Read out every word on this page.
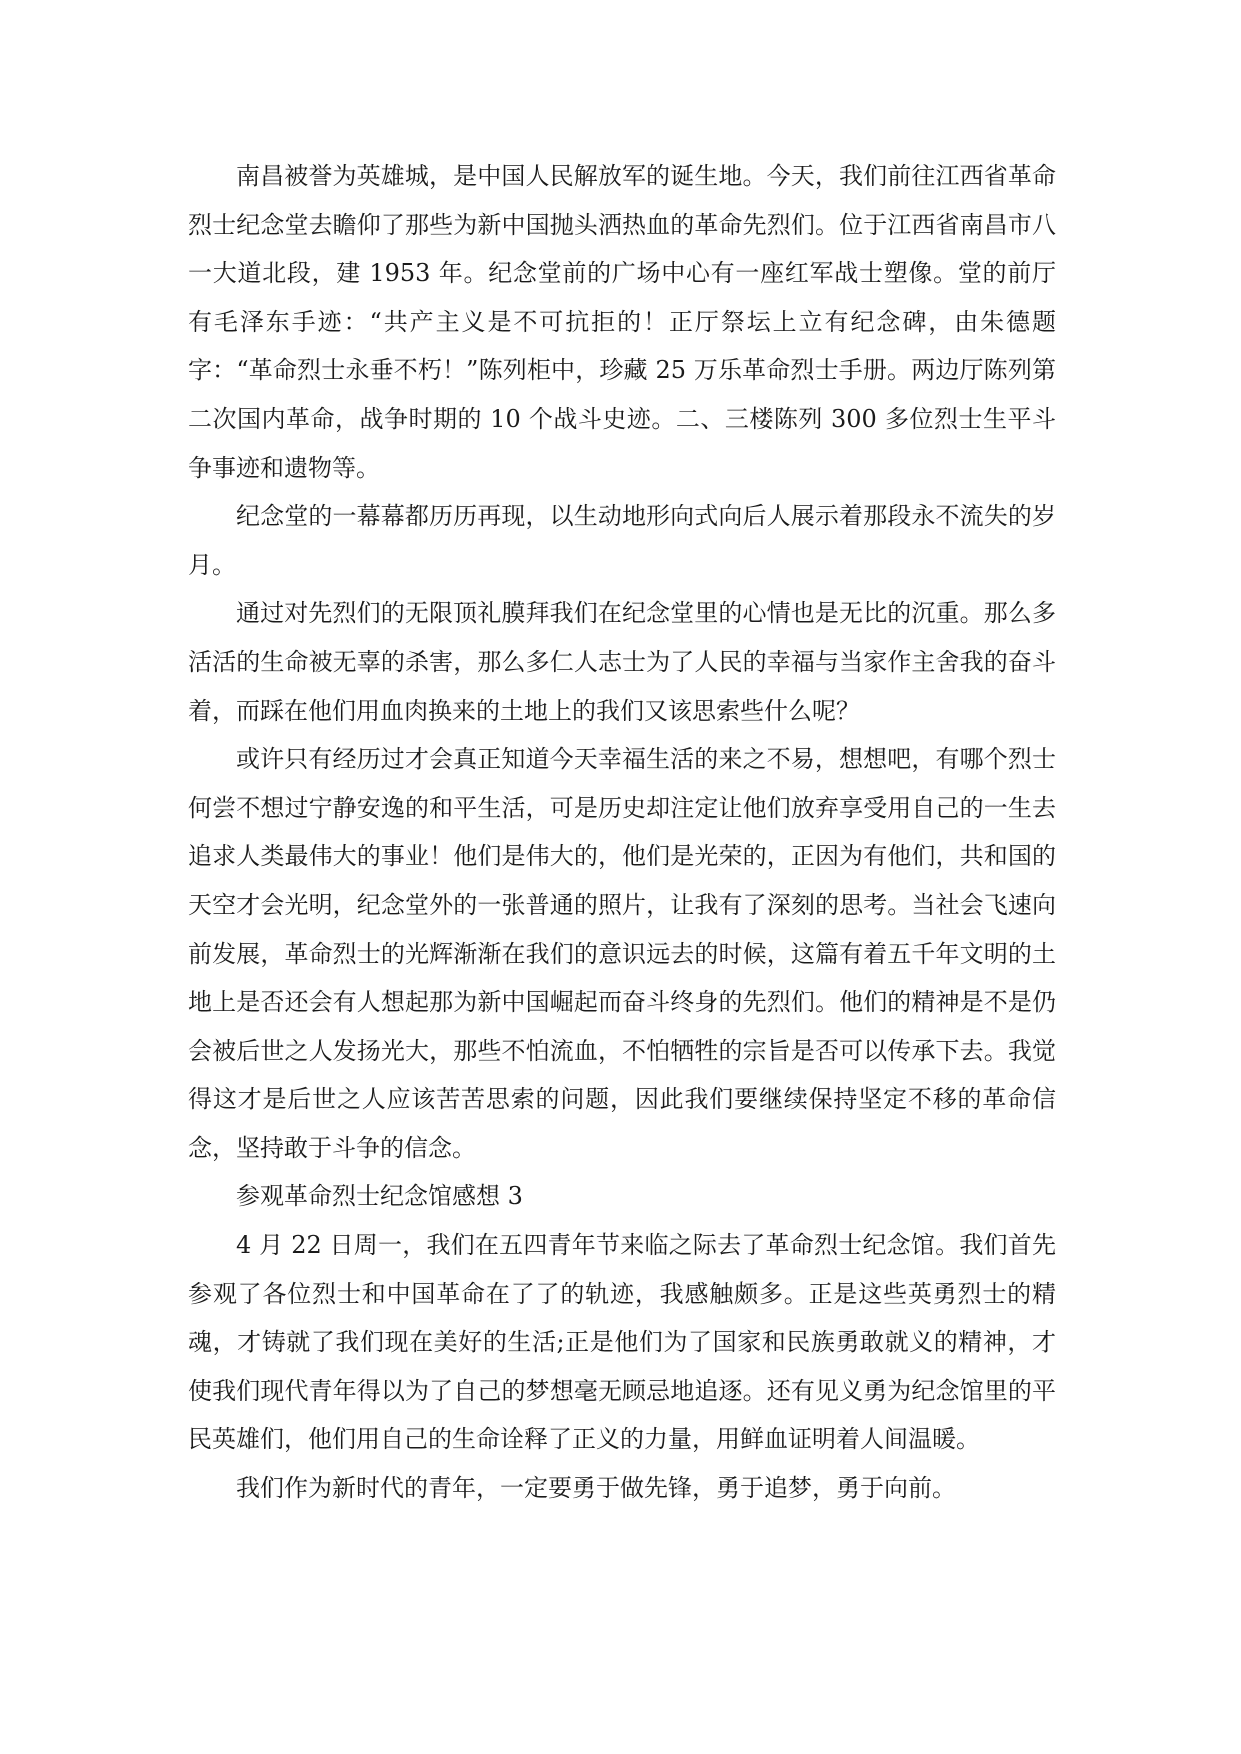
南昌被誉为英雄城，是中国人民解放军的诞生地。今天，我们前往江西省革命烈士纪念堂去瞻仰了那些为新中国抛头洒热血的革命先烈们。位于江西省南昌市八一大道北段，建 1953 年。纪念堂前的广场中心有一座红军战士塑像。堂的前厅有毛泽东手迹：“共产主义是不可抗拒的！正厅祭坛上立有纪念碑，由朱德题字：“革命烈士永垂不朽！”陈列柜中，珍藏 25 万乐革命烈士手册。两边厅陈列第二次国内革命，战争时期的 10 个战斗史迹。二、三楼陈列 300 多位烈士生平斗争事迹和遗物等。

纪念堂的一幕幕都历历再现，以生动地形向式向后人展示着那段永不流失的岁月。

通过对先烈们的无限顶礼膜拜我们在纪念堂里的心情也是无比的沉重。那么多活活的生命被无辜的杀害，那么多仁人志士为了人民的幸福与当家作主舍我的奋斗着，而踩在他们用血肉换来的土地上的我们又该思索些什么呢？

或许只有经历过才会真正知道今天幸福生活的来之不易，想想吧，有哪个烈士何尝不想过宁静安逸的和平生活，可是历史却注定让他们放弃享受用自己的一生去追求人类最伟大的事业！他们是伟大的，他们是光荣的，正因为有他们，共和国的天空才会光明，纪念堂外的一张普通的照片，让我有了深刻的思考。当社会飞速向前发展，革命烈士的光辉渐渐在我们的意识远去的时候，这篇有着五千年文明的土地上是否还会有人想起那为新中国崛起而奋斗终身的先烈们。他们的精神是不是仍会被后世之人发扬光大，那些不怕流血，不怕牺牲的宗旨是否可以传承下去。我觉得这才是后世之人应该苦苦思索的问题，因此我们要继续保持坚定不移的革命信念，坚持敢于斗争的信念。

参观革命烈士纪念馆感想 3

4 月 22 日周一，我们在五四青年节来临之际去了革命烈士纪念馆。我们首先参观了各位烈士和中国革命在了了的轨迹，我感触颇多。正是这些英勇烈士的精魂，才铸就了我们现在美好的生活;正是他们为了国家和民族勇敢就义的精神，才使我们现代青年得以为了自己的梦想毫无顾忌地追逐。还有见义勇为纪念馆里的平民英雄们，他们用自己的生命诠释了正义的力量，用鲜血证明着人间温暖。

我们作为新时代的青年，一定要勇于做先锋，勇于追梦，勇于向前。
